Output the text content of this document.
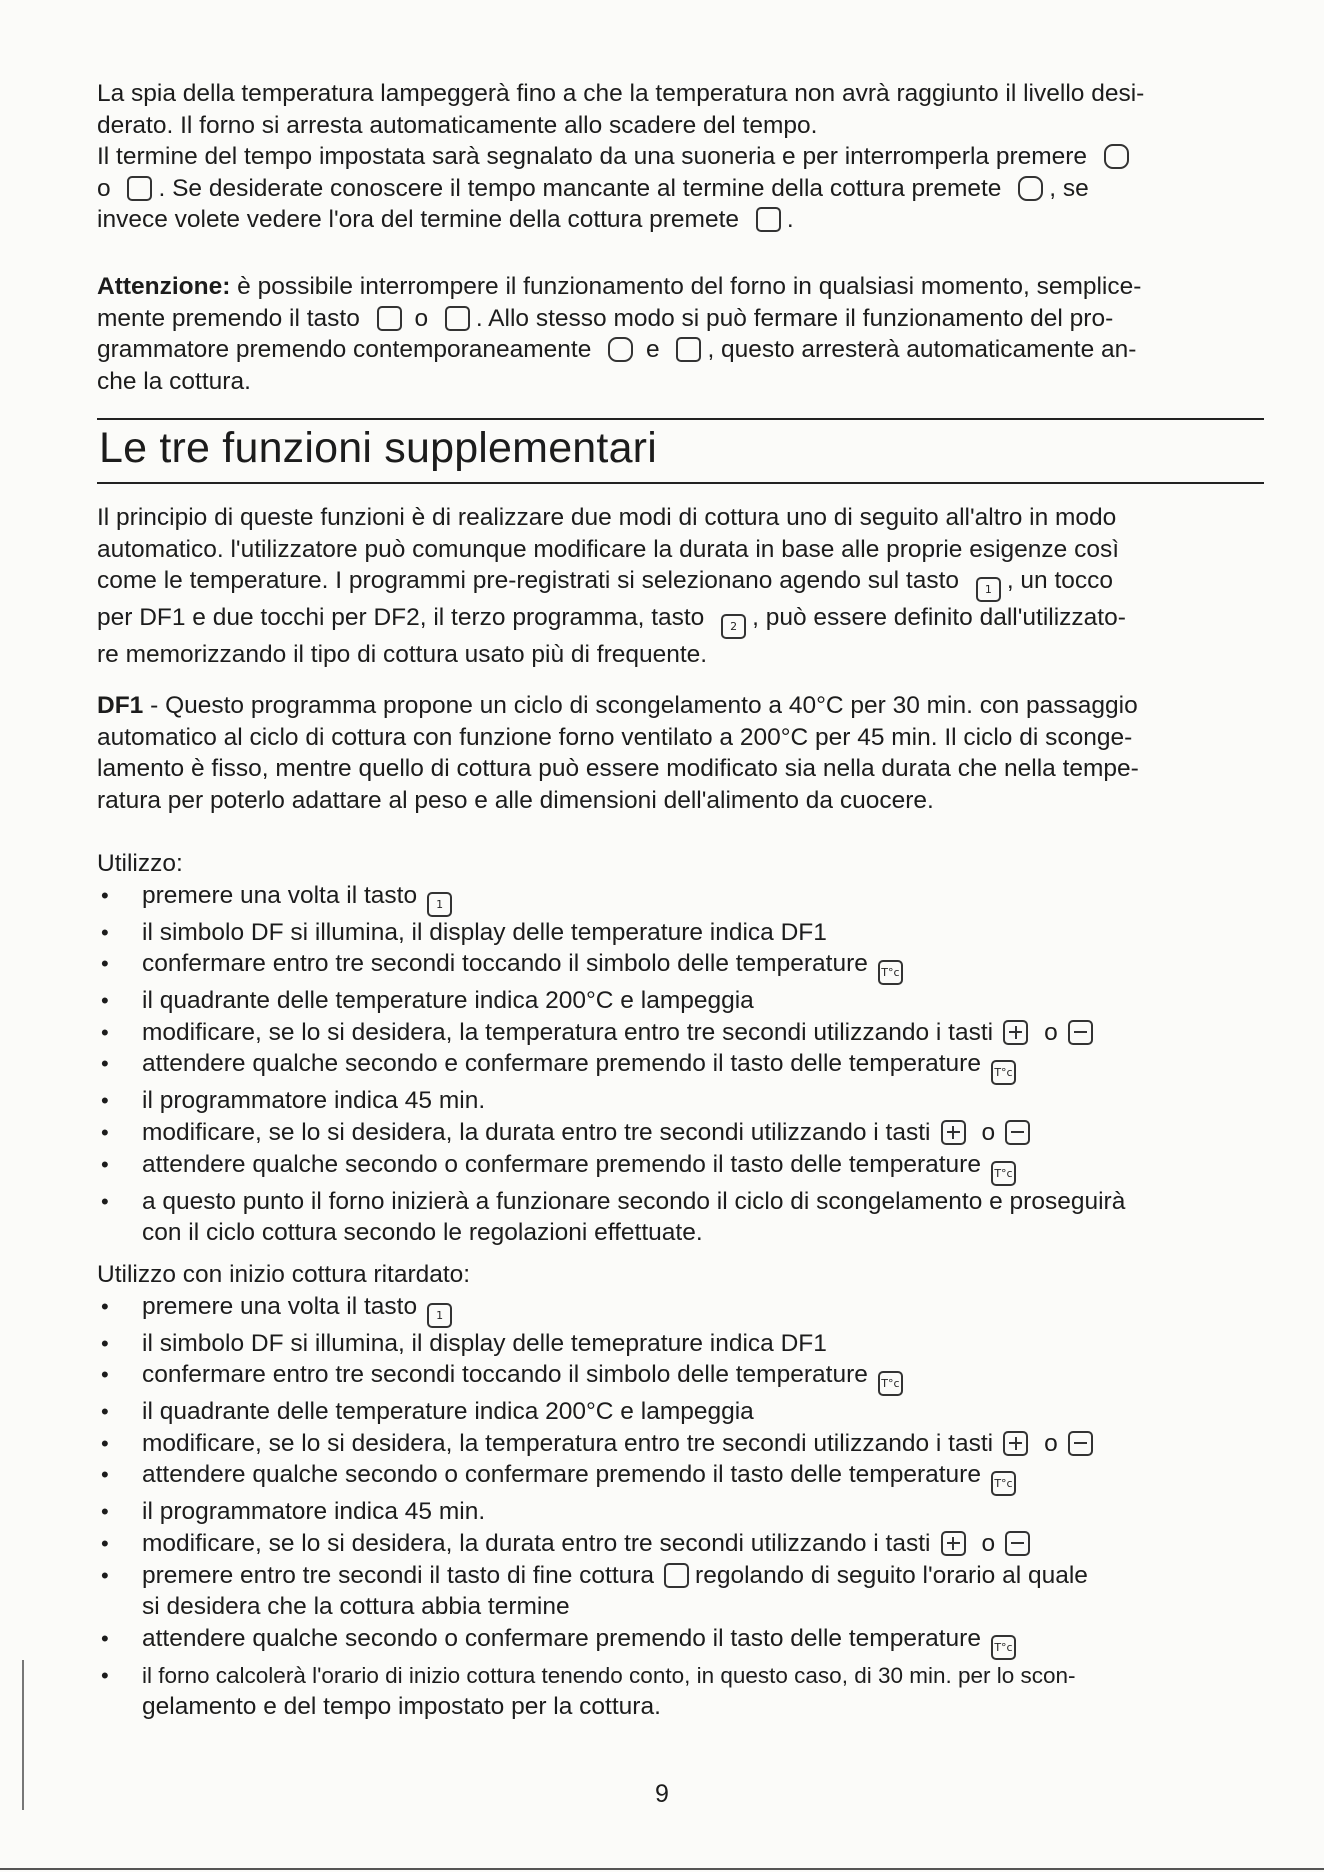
La spia della temperatura lampeggerà fino a che la temperatura non avrà raggiunto il livello desi-
derato. Il forno si arresta automaticamente allo scadere del tempo.
Il termine del tempo impostata sarà segnalato da una suoneria e per interromperla premere
o . Se desiderate conoscere il tempo mancante al termine della cottura premete , se
invece volete vedere l'ora del termine della cottura premete .

Attenzione: è possibile interrompere il funzionamento del forno in qualsiasi momento, semplice-
mente premendo il tasto o . Allo stesso modo si può fermare il funzionamento del pro-
grammatore premendo contemporaneamente e , questo arresterà automaticamente an-
che la cottura.

Le tre funzioni supplementari

Il principio di queste funzioni è di realizzare due modi di cottura uno di seguito all'altro in modo
automatico. l'utilizzatore può comunque modificare la durata in base alle proprie esigenze così
come le temperature. I programmi pre-registrati si selezionano agendo sul tasto 1 , un tocco
per DF1 e due tocchi per DF2, il terzo programma, tasto 2 , può essere definito dall'utilizzato-
re memorizzando il tipo di cottura usato più di frequente.

DF1 - Questo programma propone un ciclo di scongelamento a 40°C per 30 min. con passaggio
automatico al ciclo di cottura con funzione forno ventilato a 200°C per 45 min. Il ciclo di sconge-
lamento è fisso, mentre quello di cottura può essere modificato sia nella durata che nella tempe-
ratura per poterlo adattare al peso e alle dimensioni dell'alimento da cuocere.

Utilizzo:

• premere una volta il tasto 1
• il simbolo DF si illumina, il display delle temperature indica DF1
• confermare entro tre secondi toccando il simbolo delle temperature T°c
• il quadrante delle temperature indica 200°C e lampeggia
• modificare, se lo si desidera, la temperatura entro tre secondi utilizzando i tasti o
• attendere qualche secondo e confermare premendo il tasto delle temperature T°c
• il programmatore indica 45 min.
• modificare, se lo si desidera, la durata entro tre secondi utilizzando i tasti o
• attendere qualche secondo o confermare premendo il tasto delle temperature T°c
• a questo punto il forno inizierà a funzionare secondo il ciclo di scongelamento e proseguirà
con il ciclo cottura secondo le regolazioni effettuate.

Utilizzo con inizio cottura ritardato:

• premere una volta il tasto 1
• il simbolo DF si illumina, il display delle temeprature indica DF1
• confermare entro tre secondi toccando il simbolo delle temperature T°c
• il quadrante delle temperature indica 200°C e lampeggia
• modificare, se lo si desidera, la temperatura entro tre secondi utilizzando i tasti o
• attendere qualche secondo o confermare premendo il tasto delle temperature T°c
• il programmatore indica 45 min.
• modificare, se lo si desidera, la durata entro tre secondi utilizzando i tasti o
• premere entro tre secondi il tasto di fine cottura regolando di seguito l'orario al quale
si desidera che la cottura abbia termine
• attendere qualche secondo o confermare premendo il tasto delle temperature T°c
• il forno calcolerà l'orario di inizio cottura tenendo conto, in questo caso, di 30 min. per lo scon-
gelamento e del tempo impostato per la cottura.
9
